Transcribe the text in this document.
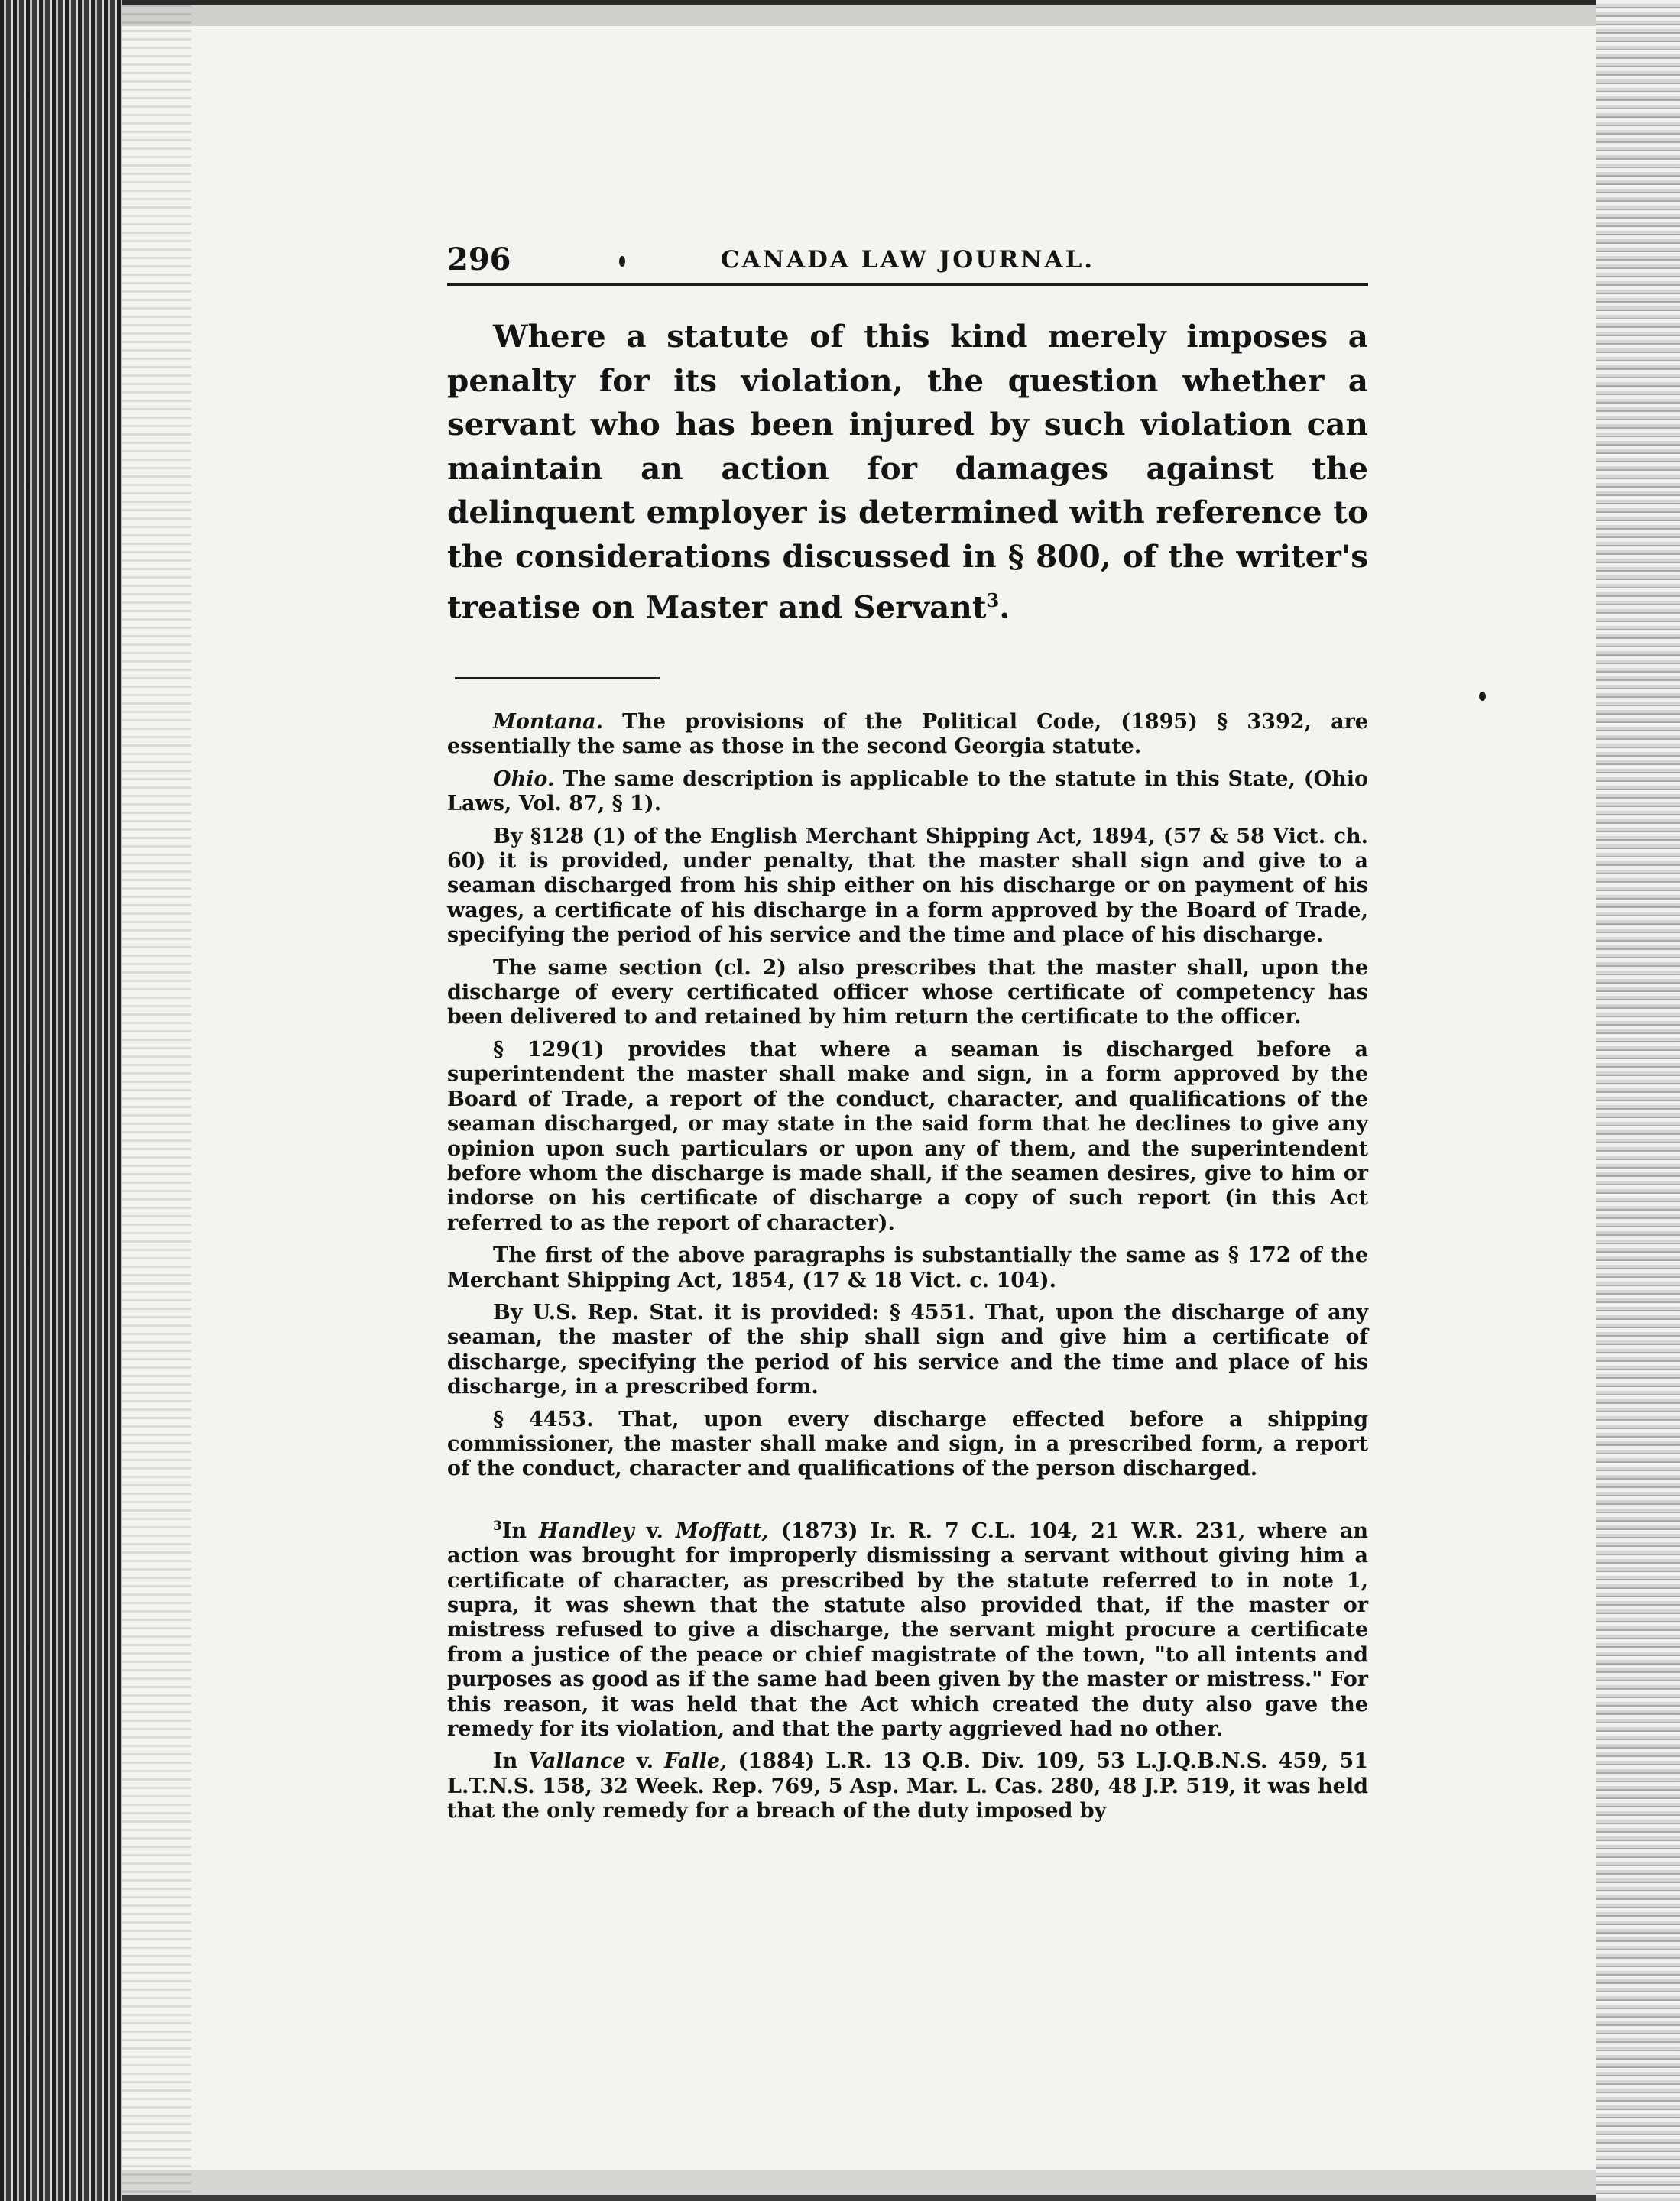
296	CANADA LAW JOURNAL.

Where a statute of this kind merely imposes a penalty for its violation, the question whether a servant who has been injured by such violation can maintain an action for damages against the delinquent employer is determined with reference to the considerations discussed in § 800, of the writer's treatise on Master and Servant$^3$.

Montana. The provisions of the Political Code, (1895) § 3392, are essentially the same as those in the second Georgia statute.

Ohio. The same description is applicable to the statute in this State, (Ohio Laws, Vol. 87, § 1).

By §128 (1) of the English Merchant Shipping Act, 1894, (57 & 58 Vict. ch. 60) it is provided, under penalty, that the master shall sign and give to a seaman discharged from his ship either on his discharge or on payment of his wages, a certificate of his discharge in a form approved by the Board of Trade, specifying the period of his service and the time and place of his discharge.

The same section (cl. 2) also prescribes that the master shall, upon the discharge of every certificated officer whose certificate of competency has been delivered to and retained by him return the certificate to the officer.

§ 129(1) provides that where a seaman is discharged before a superintendent the master shall make and sign, in a form approved by the Board of Trade, a report of the conduct, character, and qualifications of the seaman discharged, or may state in the said form that he declines to give any opinion upon such particulars or upon any of them, and the superintendent before whom the discharge is made shall, if the seamen desires, give to him or indorse on his certificate of discharge a copy of such report (in this Act referred to as the report of character).

The first of the above paragraphs is substantially the same as § 172 of the Merchant Shipping Act, 1854, (17 & 18 Vict. c. 104).

By U.S. Rep. Stat. it is provided: § 4551. That, upon the discharge of any seaman, the master of the ship shall sign and give him a certificate of discharge, specifying the period of his service and the time and place of his discharge, in a prescribed form.

§ 4453. That, upon every discharge effected before a shipping commissioner, the master shall make and sign, in a prescribed form, a report of the conduct, character and qualifications of the person discharged.

$^3$In Handley v. Moffatt, (1873) Ir. R. 7 C.L. 104, 21 W.R. 231, where an action was brought for improperly dismissing a servant without giving him a certificate of character, as prescribed by the statute referred to in note 1, supra, it was shewn that the statute also provided that, if the master or mistress refused to give a discharge, the servant might procure a certificate from a justice of the peace or chief magistrate of the town, "to all intents and purposes as good as if the same had been given by the master or mistress." For this reason, it was held that the Act which created the duty also gave the remedy for its violation, and that the party aggrieved had no other.

In Vallance v. Falle, (1884) L.R. 13 Q.B. Div. 109, 53 L.J.Q.B.N.S. 459, 51 L.T.N.S. 158, 32 Week. Rep. 769, 5 Asp. Mar. L. Cas. 280, 48 J.P. 519, it was held that the only remedy for a breach of the duty imposed by
